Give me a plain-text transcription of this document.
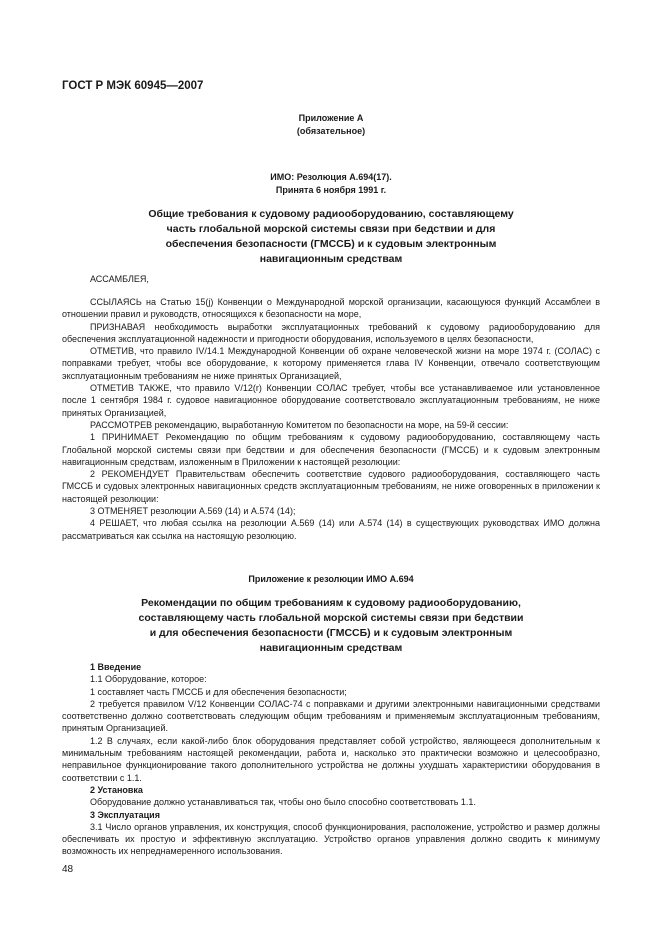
ГОСТ Р МЭК 60945—2007
Приложение А
(обязательное)
ИМО: Резолюция А.694(17).
Принята 6 ноября 1991 г.
Общие требования к судовому радиооборудованию, составляющему
часть глобальной морской системы связи при бедствии и для
обеспечения безопасности (ГМССБ) и к судовым электронным
навигационным средствам

АССАМБЛЕЯ,

ССЫЛАЯСЬ на Статью 15(j) Конвенции о Международной морской организации, касающуюся функций Ассамблеи в отношении правил и руководств, относящихся к безопасности на море,

ПРИЗНАВАЯ необходимость выработки эксплуатационных требований к судовому радиооборудованию для обеспечения эксплуатационной надежности и пригодности оборудования, используемого в целях безопасности,

ОТМЕТИВ, что правило IV/14.1 Международной Конвенции об охране человеческой жизни на море 1974 г. (СОЛАС) с поправками требует, чтобы все оборудование, к которому применяется глава IV Конвенции, отвечало соответствующим эксплуатационным требованиям не ниже принятых Организацией,

ОТМЕТИВ ТАКЖЕ, что правило V/12(r) Конвенции СОЛАС требует, чтобы все устанавливаемое или установленное после 1 сентября 1984 г. судовое навигационное оборудование соответствовало эксплуатационным требованиям, не ниже принятых Организацией,

РАССМОТРЕВ рекомендацию, выработанную Комитетом по безопасности на море, на 59-й сессии:

1 ПРИНИМАЕТ Рекомендацию по общим требованиям к судовому радиооборудованию, составляющему часть Глобальной морской системы связи при бедствии и для обеспечения безопасности (ГМССБ) и к судовым электронным навигационным средствам, изложенным в Приложении к настоящей резолюции:

2 РЕКОМЕНДУЕТ Правительствам обеспечить соответствие судового радиооборудования, составляющего часть ГМССБ и судовых электронных навигационных средств эксплуатационным требованиям, не ниже оговоренных в приложении к настоящей резолюции:

3 ОТМЕНЯЕТ резолюции А.569 (14) и А.574 (14);

4 РЕШАЕТ, что любая ссылка на резолюции А.569 (14) или А.574 (14) в существующих руководствах ИМО должна рассматриваться как ссылка на настоящую резолюцию.

Приложение к резолюции ИМО А.694
Рекомендации по общим требованиям к судовому радиооборудованию,
составляющему часть глобальной морской системы связи при бедствии
и для обеспечения безопасности (ГМССБ) и к судовым электронным
навигационным средствам

1 Введение

1.1 Оборудование, которое:

1 составляет часть ГМССБ и для обеспечения безопасности;

2 требуется правилом V/12 Конвенции СОЛАС-74 с поправками и другими электронными навигационными средствами соответственно должно соответствовать следующим общим требованиям и применяемым эксплуатационным требованиям, принятым Организацией.

1.2 В случаях, если какой-либо блок оборудования представляет собой устройство, являющееся дополнительным к минимальным требованиям настоящей рекомендации, работа и, насколько это практически возможно и целесообразно, неправильное функционирование такого дополнительного устройства не должны ухудшать характеристики оборудования в соответствии с 1.1.

2 Установка

Оборудование должно устанавливаться так, чтобы оно было способно соответствовать 1.1.

3 Эксплуатация

3.1 Число органов управления, их конструкция, способ функционирования, расположение, устройство и размер должны обеспечивать их простую и эффективную эксплуатацию. Устройство органов управления должно сводить к минимуму возможность их непреднамеренного использования.

48
